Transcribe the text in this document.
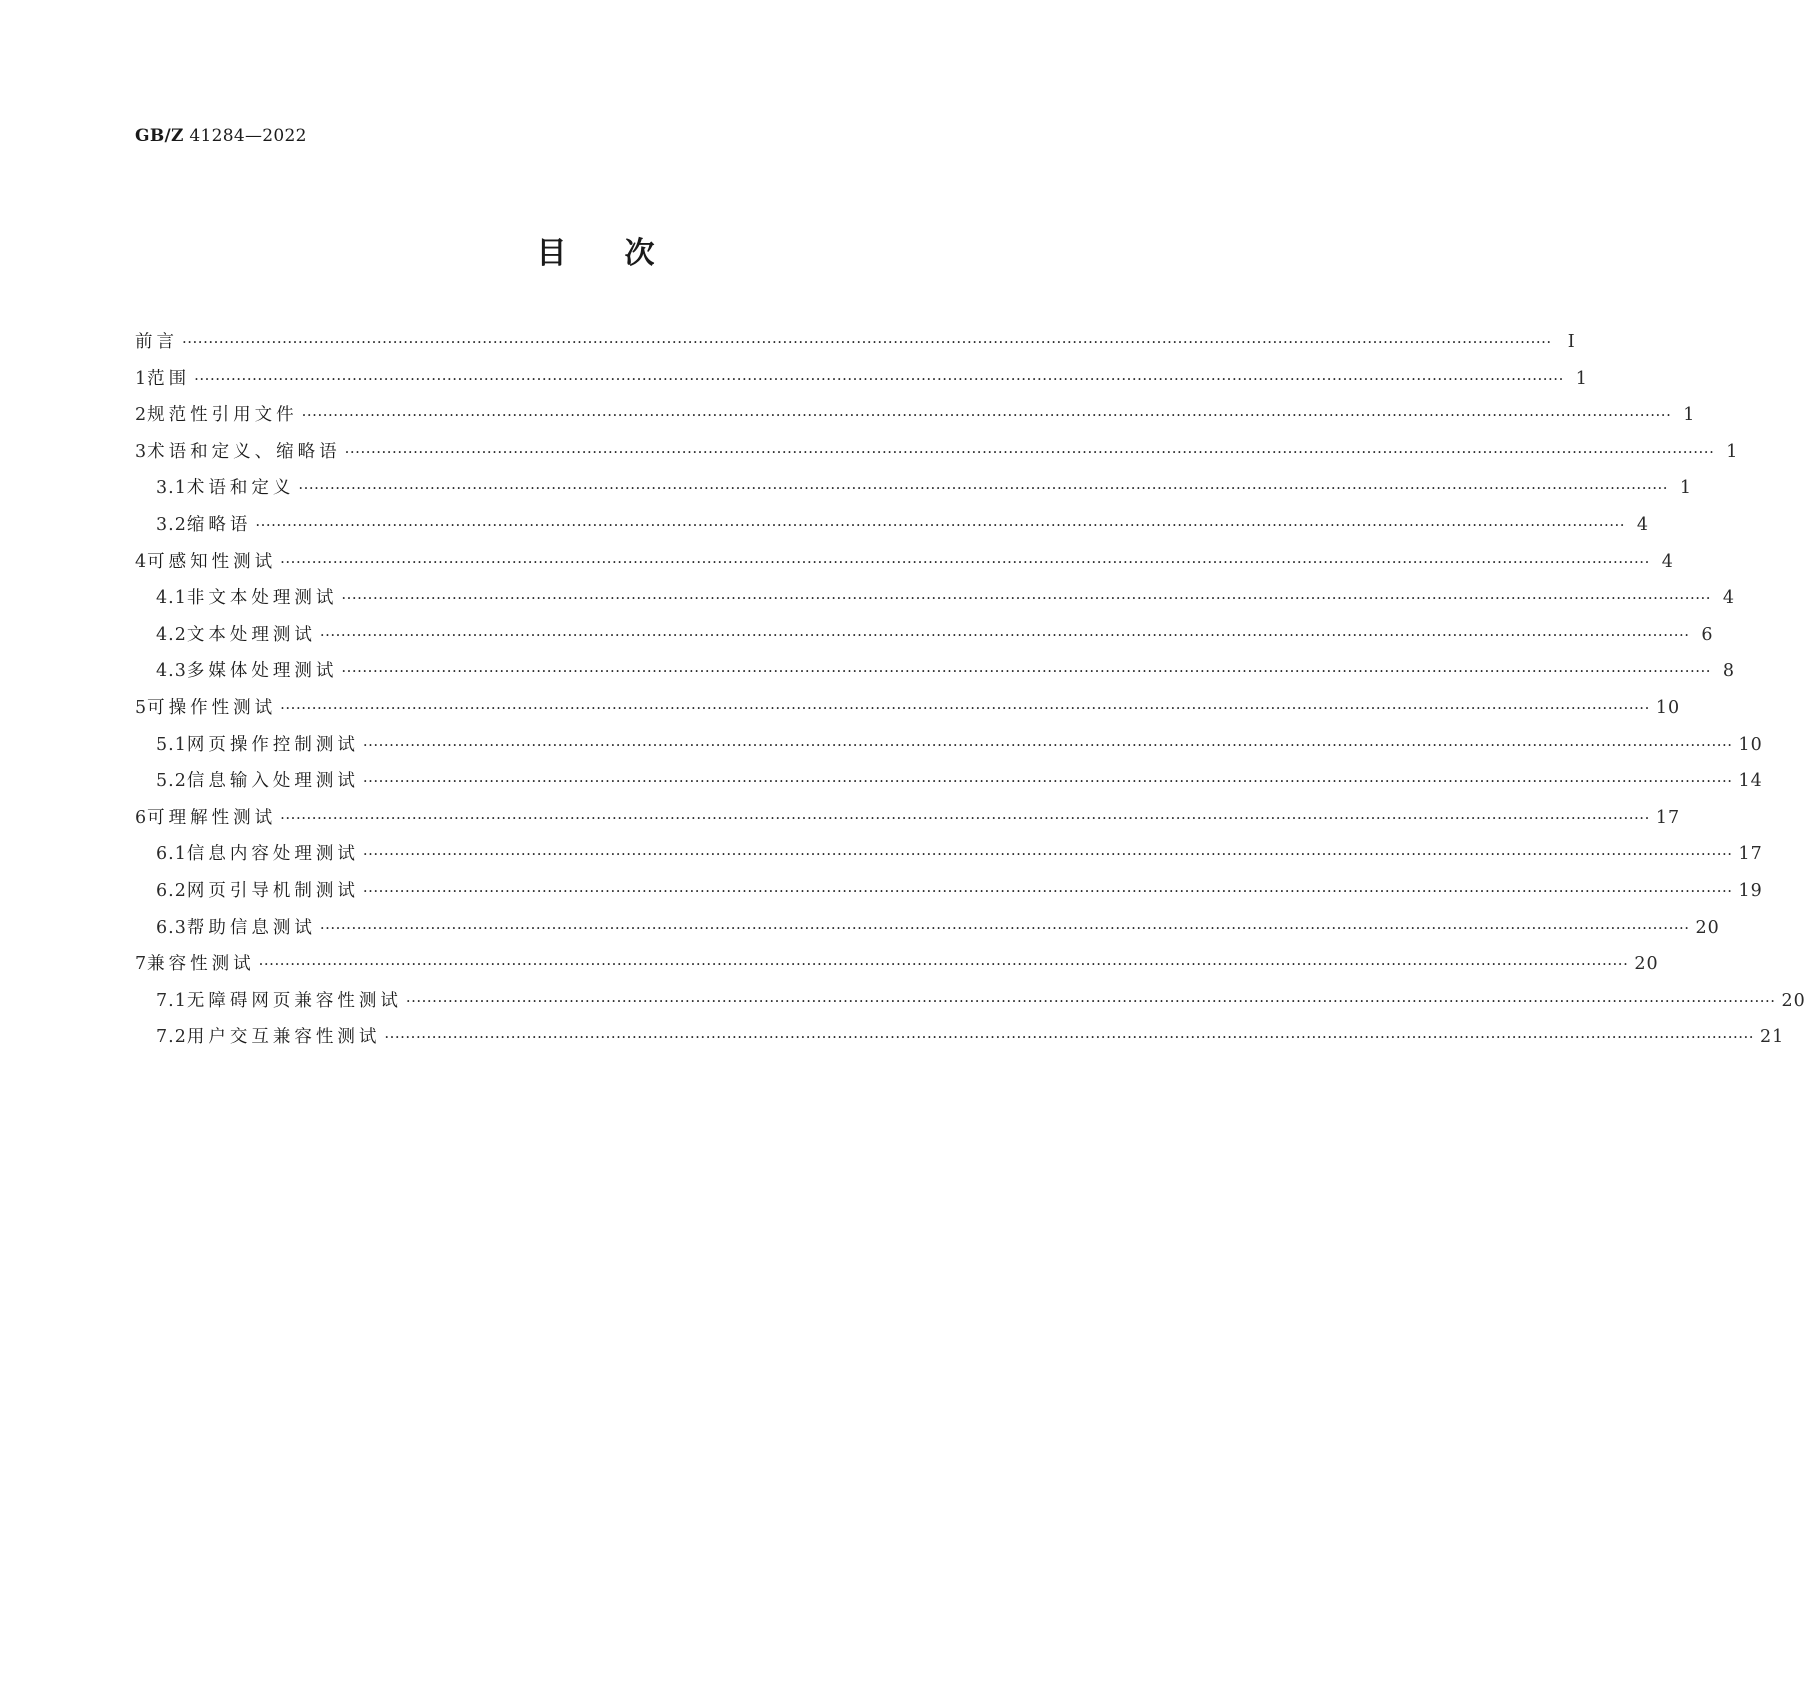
GB/Z 41284—2022
目次
前言 ···································································································································································································································································· Ⅰ
1 范围 ···································································································································································································································································· 1
2 规范性引用文件 ···································································································································································································································································· 1
3 术语和定义、缩略语 ···································································································································································································································································· 1
3.1 术语和定义 ···································································································································································································································································· 1
3.2 缩略语 ···································································································································································································································································· 4
4 可感知性测试 ···································································································································································································································································· 4
4.1 非文本处理测试 ···································································································································································································································································· 4
4.2 文本处理测试 ···································································································································································································································································· 6
4.3 多媒体处理测试 ···································································································································································································································································· 8
5 可操作性测试 ···································································································································································································································································· 10
5.1 网页操作控制测试 ···································································································································································································································································· 10
5.2 信息输入处理测试 ···································································································································································································································································· 14
6 可理解性测试 ···································································································································································································································································· 17
6.1 信息内容处理测试 ···································································································································································································································································· 17
6.2 网页引导机制测试 ···································································································································································································································································· 19
6.3 帮助信息测试 ···································································································································································································································································· 20
7 兼容性测试 ···································································································································································································································································· 20
7.1 无障碍网页兼容性测试 ···································································································································································································································································· 20
7.2 用户交互兼容性测试 ···································································································································································································································································· 21
